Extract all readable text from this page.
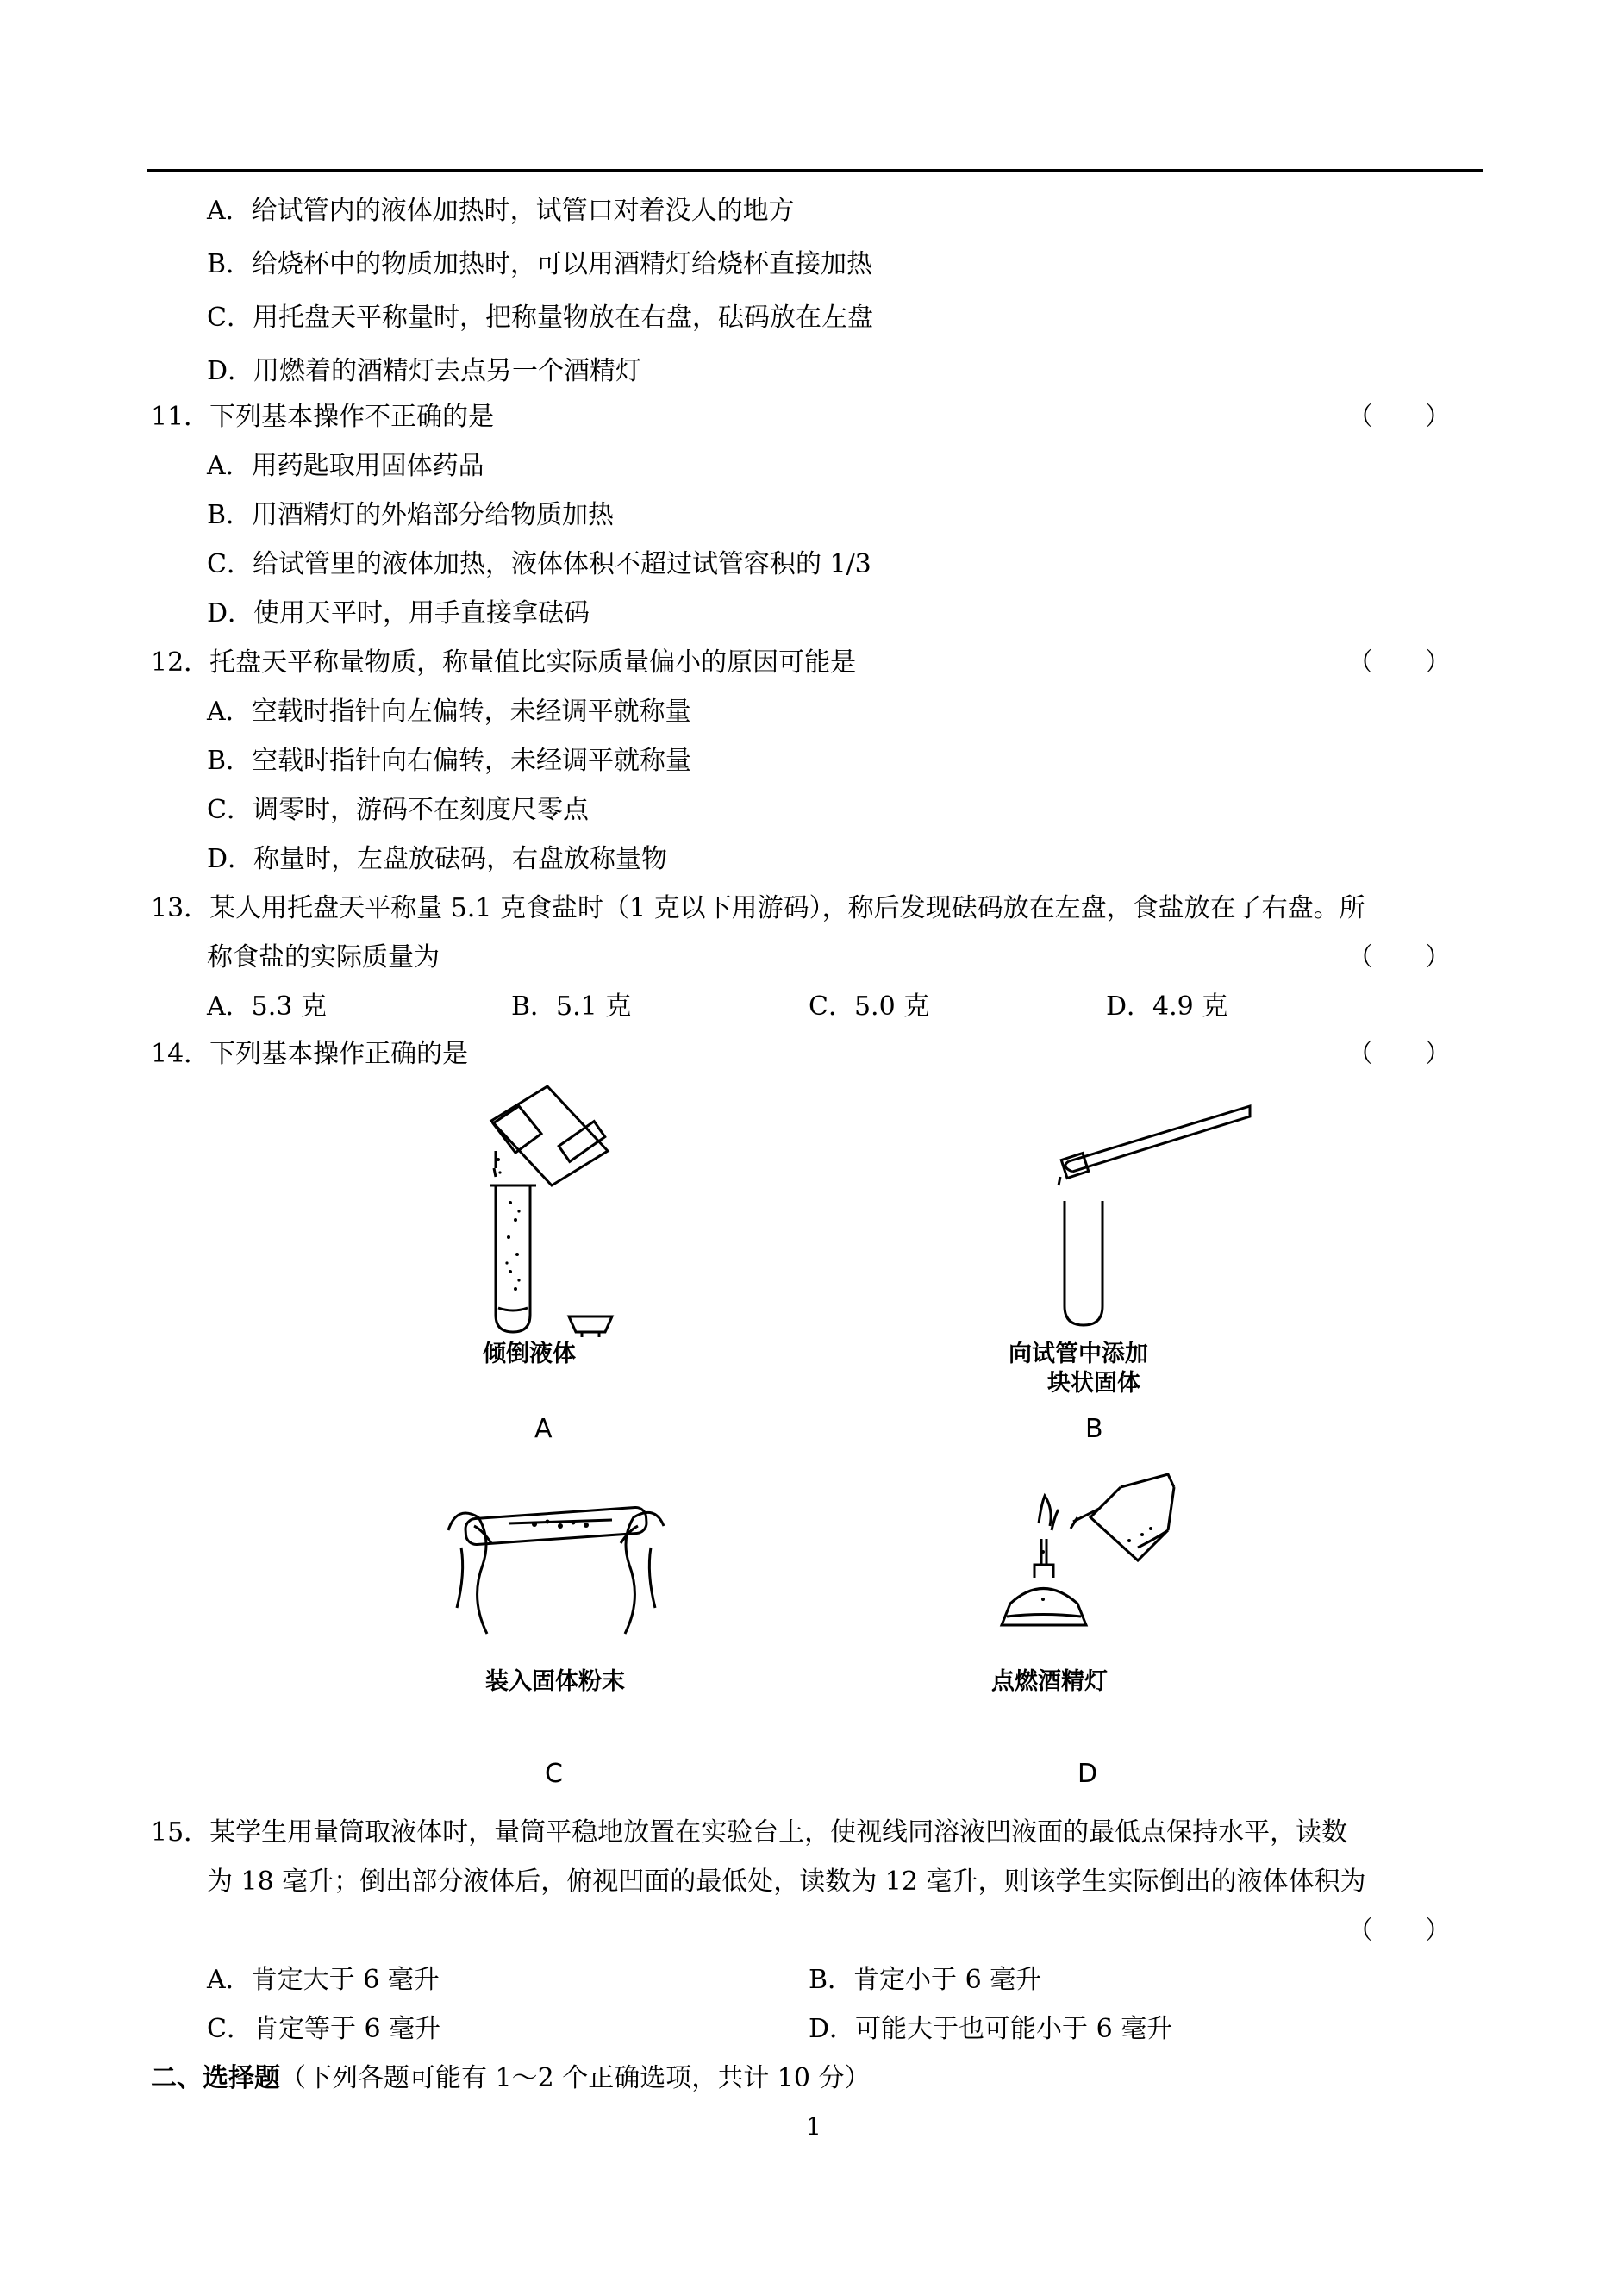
A．给试管内的液体加热时，试管口对着没人的地方
B．给烧杯中的物质加热时，可以用酒精灯给烧杯直接加热
C．用托盘天平称量时，把称量物放在右盘，砝码放在左盘
D．用燃着的酒精灯去点另一个酒精灯
11．下列基本操作不正确的是	（　　）
A．用药匙取用固体药品
B．用酒精灯的外焰部分给物质加热
C．给试管里的液体加热，液体体积不超过试管容积的 1/3
D．使用天平时，用手直接拿砝码
12．托盘天平称量物质，称量值比实际质量偏小的原因可能是	（　　）
A．空载时指针向左偏转，未经调平就称量
B．空载时指针向右偏转，未经调平就称量
C．调零时，游码不在刻度尺零点
D．称量时，左盘放砝码，右盘放称量物
13．某人用托盘天平称量 5.1 克食盐时（1 克以下用游码），称后发现砝码放在左盘，食盐放在了右盘。所
称食盐的实际质量为	（　　）
A．5.3 克	B．5.1 克	C．5.0 克	D．4.9 克
14．下列基本操作正确的是	（　　）
倾倒液体
A
向试管中添加
块状固体
B
装入固体粉末
C
点燃酒精灯
D
15．某学生用量筒取液体时，量筒平稳地放置在实验台上，使视线同溶液凹液面的最低点保持水平，读数
为 18 毫升；倒出部分液体后，俯视凹面的最低处，读数为 12 毫升，则该学生实际倒出的液体体积为
（　　）
A．肯定大于 6 毫升	B．肯定小于 6 毫升
C．肯定等于 6 毫升	D．可能大于也可能小于 6 毫升
二、选择题（下列各题可能有 1～2 个正确选项，共计 10 分）
1
